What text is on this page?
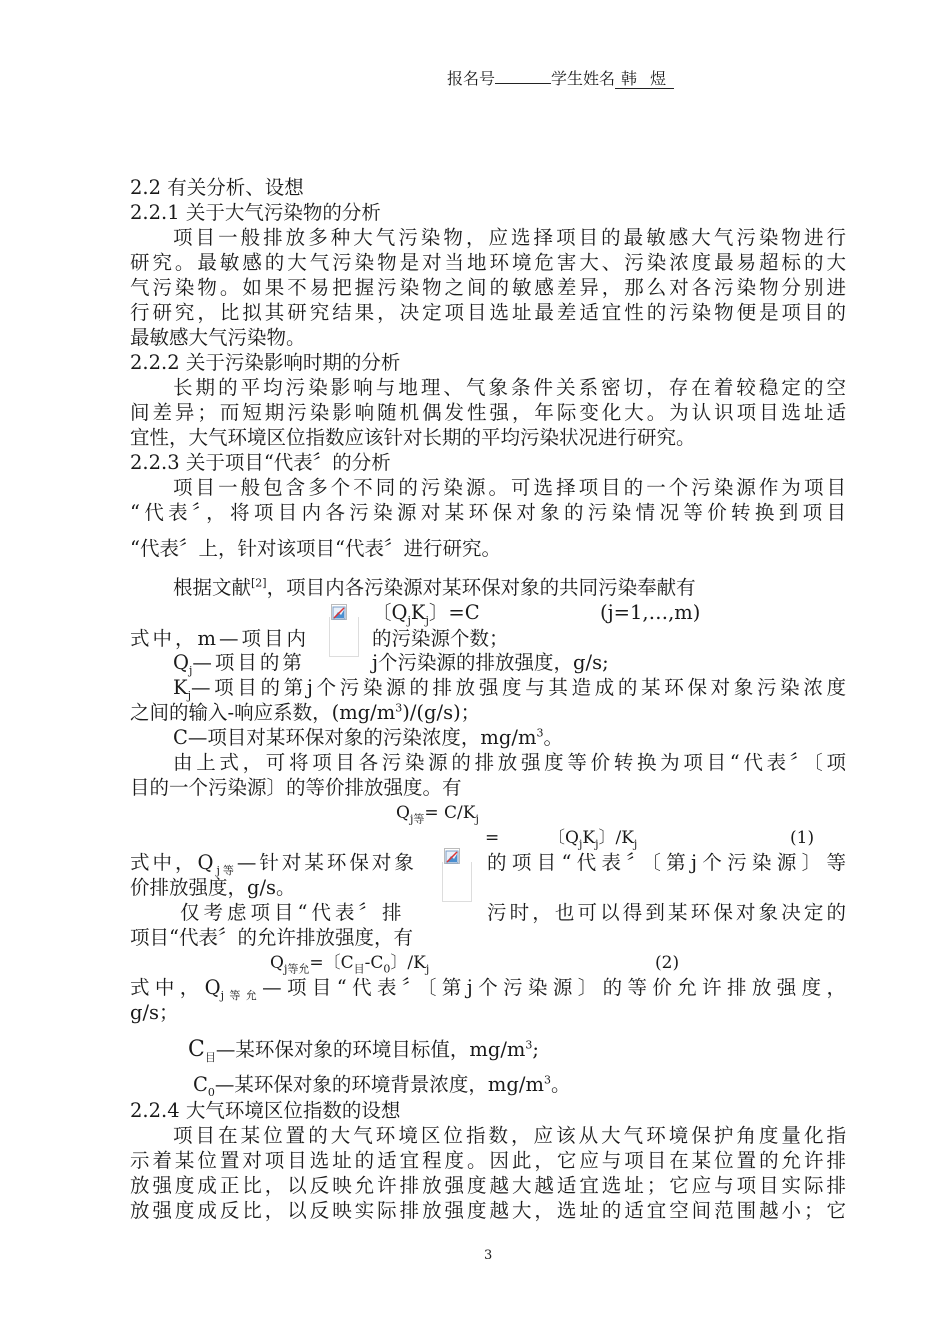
报名号	学生姓名 韩 煜
2.2 有关分析、设想
2.2.1 关于大气污染物的分析
项目一般排放多种大气污染物，应选择项目的最敏感大气污染物进行
研究。最敏感的大气污染物是对当地环境危害大、污染浓度最易超标的大
气污染物。如果不易把握污染物之间的敏感差异，那么对各污染物分别进
行研究，比拟其研究结果，决定项目选址最差适宜性的污染物便是项目的
最敏感大气污染物。
2.2.2 关于污染影响时期的分析
长期的平均污染影响与地理、气象条件关系密切，存在着较稳定的空
间差异；而短期污染影响随机偶发性强，年际变化大。为认识项目选址适
宜性，大气环境区位指数应该针对长期的平均污染状况进行研究。
2.2.3 关于项目“代表〞的分析
项目一般包含多个不同的污染源。可选择项目的一个污染源作为项目
“代表〞，将项目内各污染源对某环保对象的污染情况等价转换到项目
“代表〞上，针对该项目“代表〞进行研究。
根据文献[2]，项目内各污染源对某环保对象的共同污染奉献有
〔$Q_jK_j$〕=C	(j=1,…,m)
式中，m—项目内	的污染源个数；
$Q_j—$项目的第	j个污染源的排放强度，g/s;
$K_j—$项目的第j个污染源的排放强度与其造成的某环保对象污染浓度
之间的输入-响应系数，$(mg/m^3)/(g/s)$；
C—项目对某环保对象的污染浓度，$mg/m^3$。
由上式，可将项目各污染源的排放强度等价转换为项目“代表〞〔项
目的一个污染源〕的等价排放强度。有
$Q_{j等}= C/K_j$
=	〔$Q_jK_j$〕$/K_j$	(1)
式中，$Q_{j等}—$针对某环保对象	的项目“代表〞〔第j个污染源〕等
价排放强度，g/s。
仅考虑项目“代表〞排	污时，也可以得到某环保对象决定的
项目“代表〞的允许排放强度，有
$Q_{j等允}=$〔$C_目-C_0$〕$/K_j$	(2)
式中，$Q_{j等允}—$项目“代表〞〔第j个污染源〕的等价允许排放强度，
g/s；
$C_目—$某环保对象的环境目标值，$mg/m^3$;
$C_0—$某环保对象的环境背景浓度，$mg/m^3$。
2.2.4 大气环境区位指数的设想
项目在某位置的大气环境区位指数，应该从大气环境保护角度量化指
示着某位置对项目选址的适宜程度。因此，它应与项目在某位置的允许排
放强度成正比，以反映允许排放强度越大越适宜选址；它应与项目实际排
放强度成反比，以反映实际排放强度越大，选址的适宜空间范围越小；它
3
